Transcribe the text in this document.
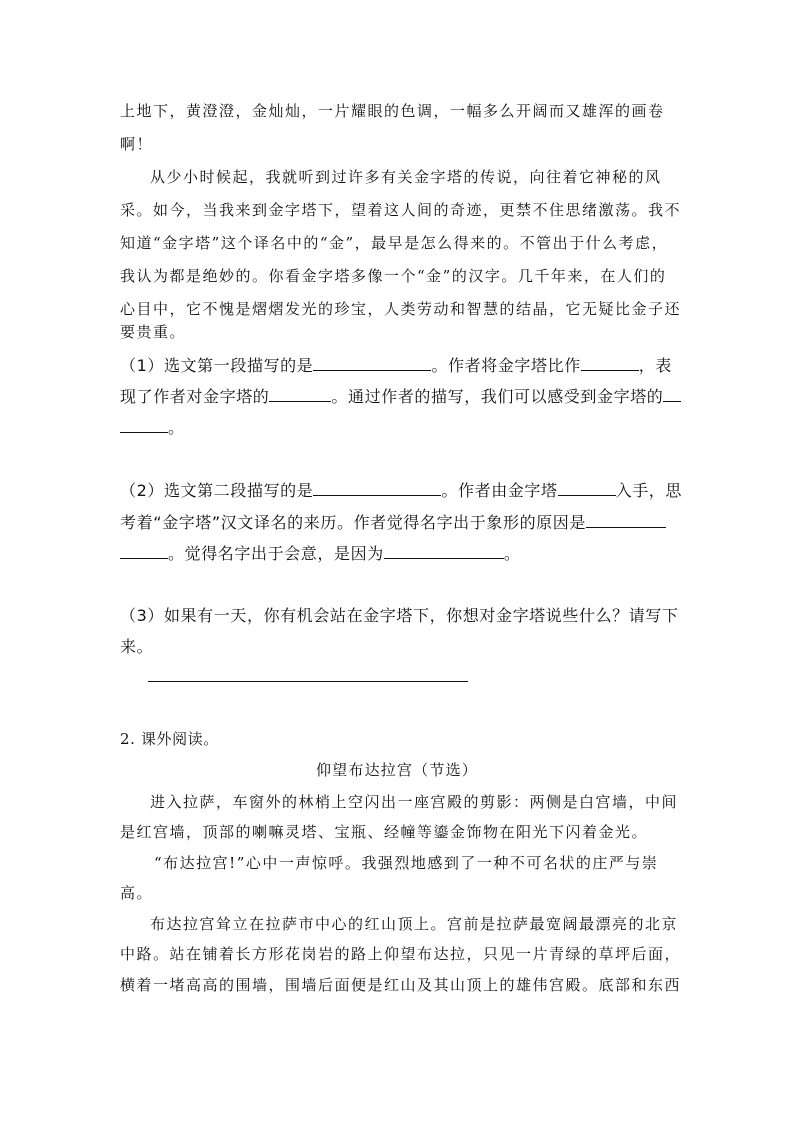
上地下，黄澄澄，金灿灿，一片耀眼的色调，一幅多么开阔而又雄浑的画卷
啊！
从少小时候起，我就听到过许多有关金字塔的传说，向往着它神秘的风
采。如今，当我来到金字塔下，望着这人间的奇迹，更禁不住思绪激荡。我不
知道“金字塔”这个译名中的“金”，最早是怎么得来的。不管出于什么考虑，
我认为都是绝妙的。你看金字塔多像一个“金”的汉字。几千年来，在人们的
心目中，它不愧是熠熠发光的珍宝，人类劳动和智慧的结晶，它无疑比金子还
要贵重。
（1）选文第一段描写的是	。作者将金字塔比作	，表
现了作者对金字塔的	。通过作者的描写，我们可以感受到金字塔的
。
（2）选文第二段描写的是	。作者由金字塔	入手，思
考着“金字塔”汉文译名的来历。作者觉得名字出于象形的原因是
。觉得名字出于会意，是因为	。
（3）如果有一天，你有机会站在金字塔下，你想对金字塔说些什么？请写下
来。
2. 课外阅读。
仰望布达拉宫（节选）
进入拉萨，车窗外的林梢上空闪出一座宫殿的剪影：两侧是白宫墙，中间
是红宫墙，顶部的喇嘛灵塔、宝瓶、经幢等鎏金饰物在阳光下闪着金光。
“布达拉宫!”心中一声惊呼。我强烈地感到了一种不可名状的庄严与崇
高。
布达拉宫耸立在拉萨市中心的红山顶上。宫前是拉萨最宽阔最漂亮的北京
中路。站在铺着长方形花岗岩的路上仰望布达拉，只见一片青绿的草坪后面，
横着一堵高高的围墙，围墙后面便是红山及其山顶上的雄伟宫殿。底部和东西
